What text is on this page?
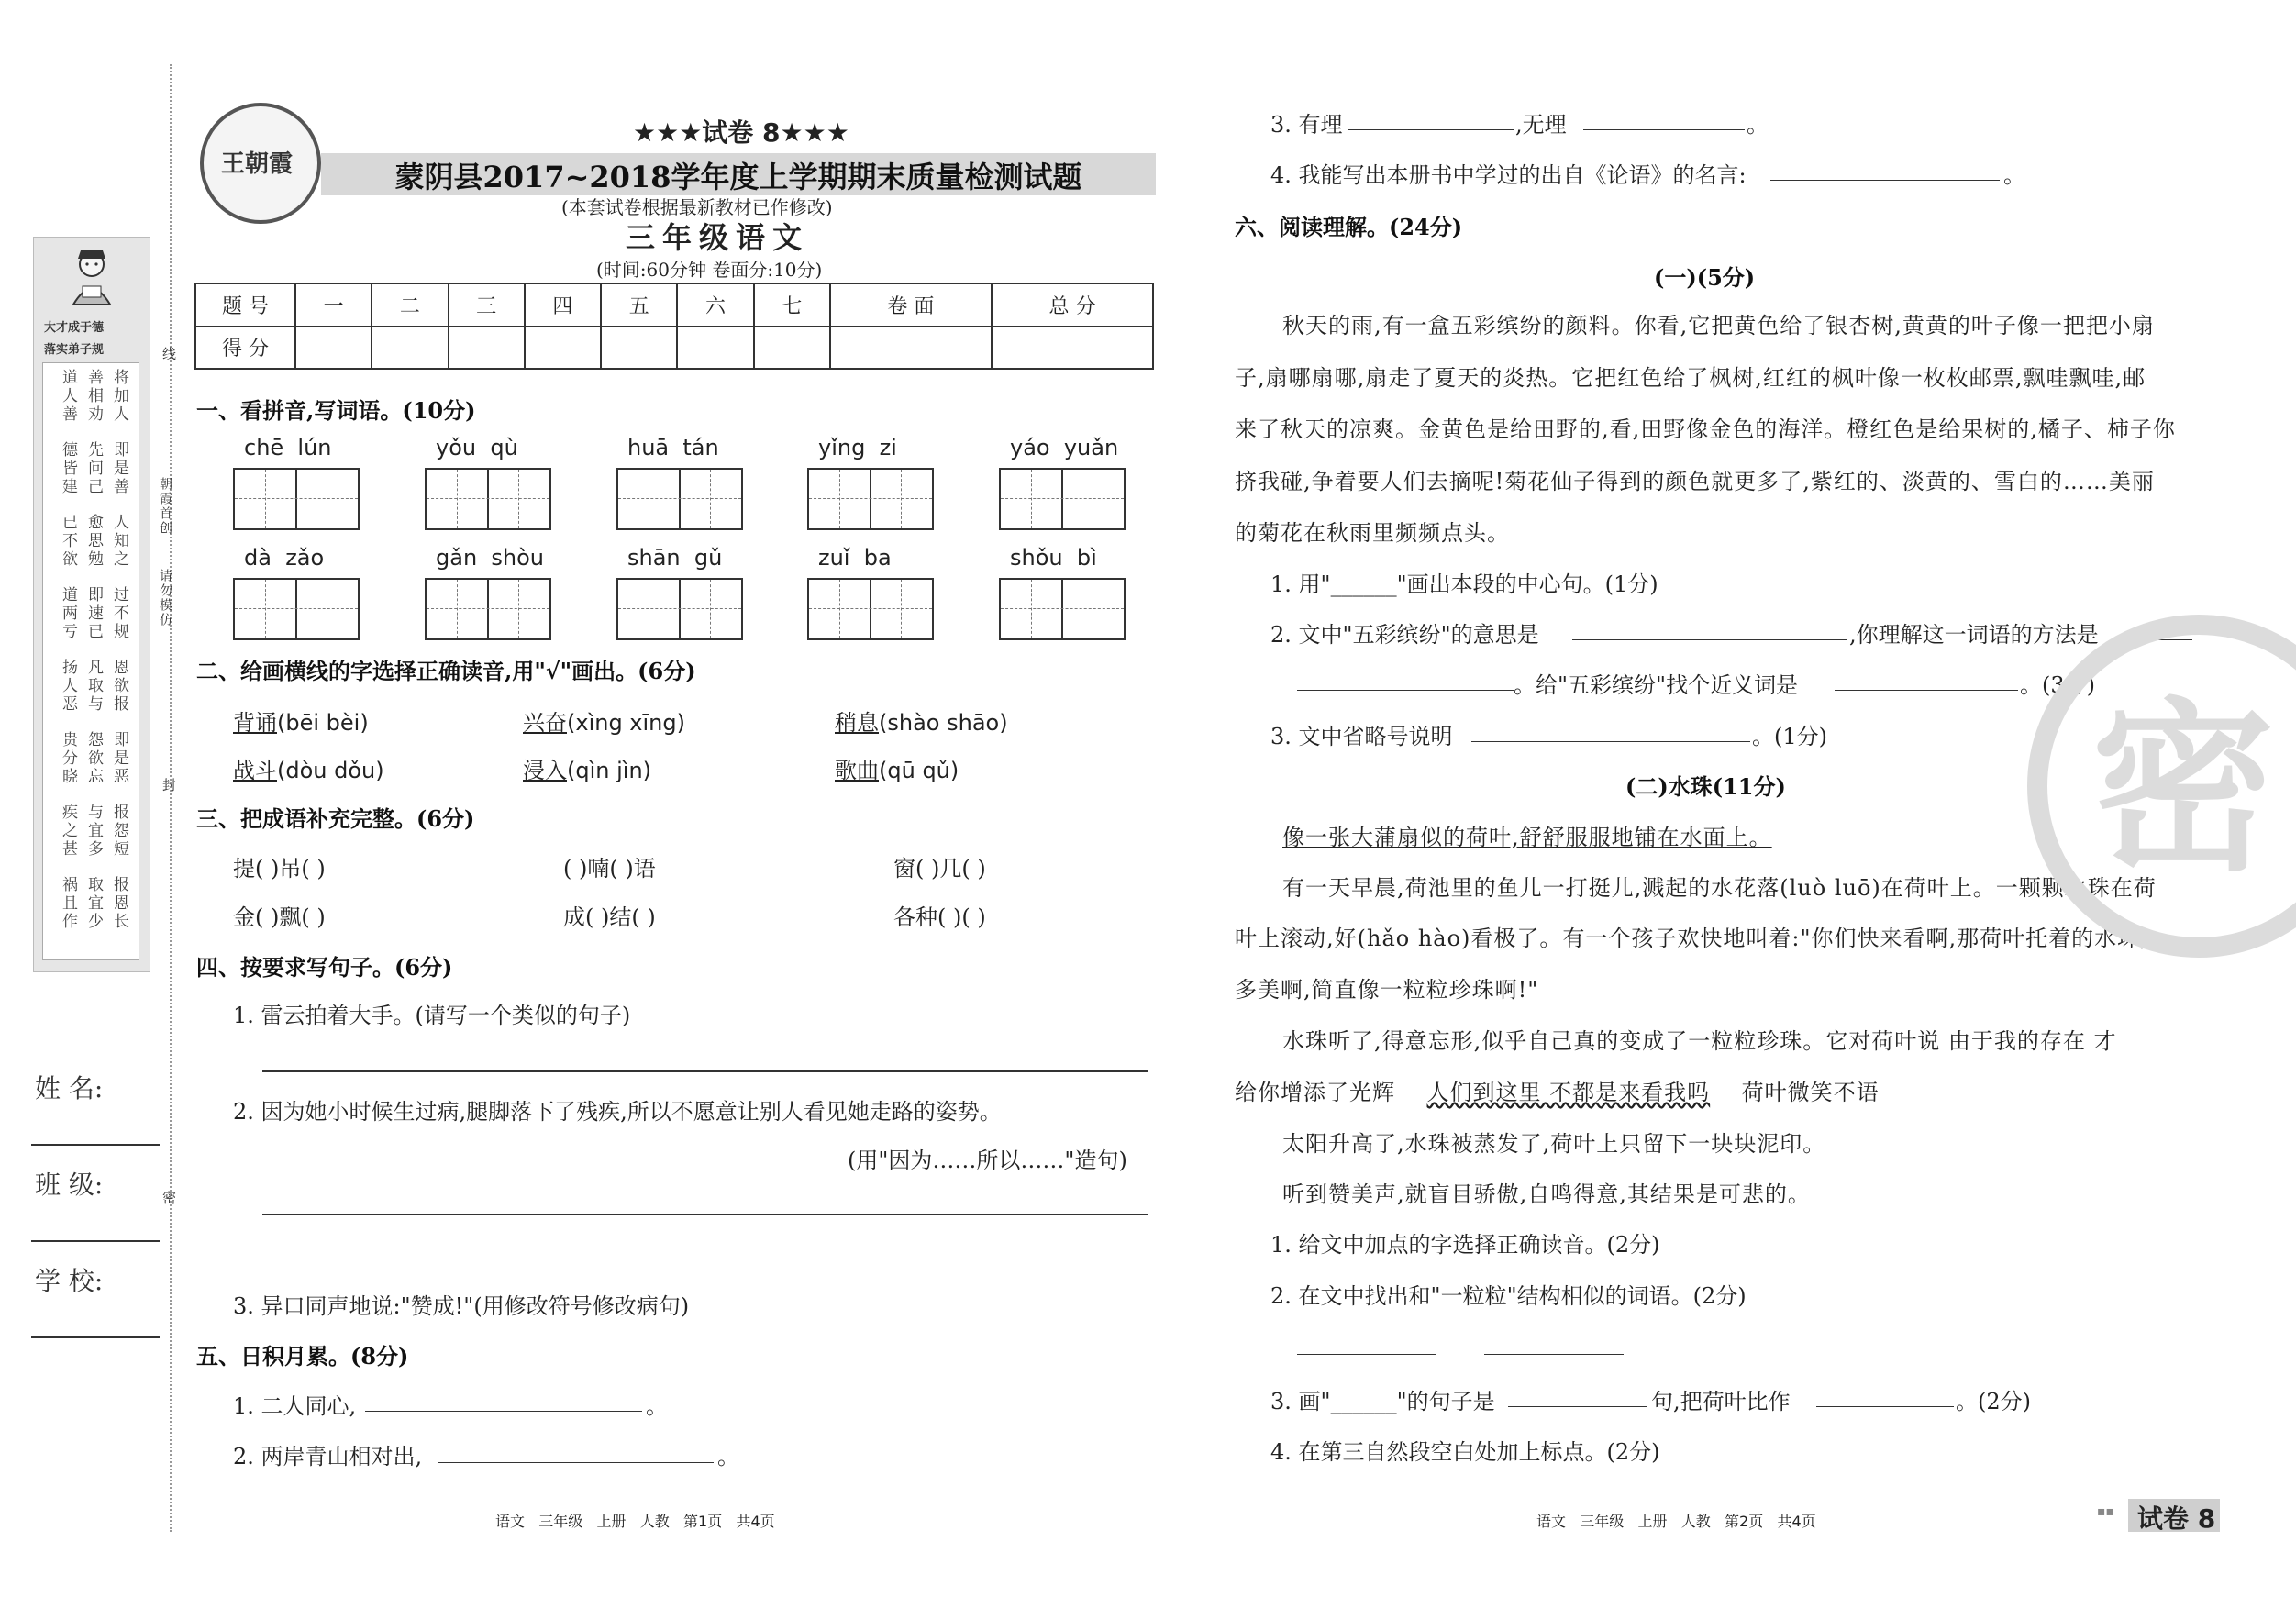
线
封
密
朝霞首创
请勿模仿
大才成于德
落实弟子规
将加人
善相劝
道人善
即是善
先问己
德皆建
人知之
愈思勉
已不欲
过不规
即速已
道两亏
恩欲报
凡取与
扬人恶
即是恶
怨欲忘
贵分晓
报怨短
与宜多
疾之甚
报恩长
取宜少
祸且作
姓 名:
班 级:
学 校:
王朝霞
★★★试卷 8★★★
蒙阴县2017~2018学年度上学期期末质量检测试题
(本套试卷根据最新教材已作修改)
三年级语文
(时间:60分钟 卷面分:10分)
题 号	一	二	三	四	五	六	七	卷 面	总 分
得 分									
一、看拼音,写词语。(10分)
chē  lún	yǒu  qù	huā  tán	yǐng  zi	yáo  yuǎn
dà  zǎo	gǎn  shòu	shān  gǔ	zuǐ  ba	shǒu  bì
二、给画横线的字选择正确读音,用"√"画出。(6分)
背诵(bēi bèi)	兴奋(xìng xīng)	稍息(shào shāo)
战斗(dòu dǒu)	浸入(qìn jìn)	歌曲(qū qǔ)
三、把成语补充完整。(6分)
提( )吊( )	( )喃( )语	窗( )几( )
金( )飘( )	成( )结( )	各种( )( )
四、按要求写句子。(6分)
1. 雷云拍着大手。(请写一个类似的句子)
2. 因为她小时候生过病,腿脚落下了残疾,所以不愿意让别人看见她走路的姿势。
(用"因为……所以……"造句)
3. 异口同声地说:"赞成!"(用修改符号修改病句)
五、日积月累。(8分)
1. 二人同心,	。
2. 两岸青山相对出,	。
语文   三年级   上册   人教   第1页   共4页
3. 有理	,无理	。
4. 我能写出本册书中学过的出自《论语》的名言:	。
六、阅读理解。(24分)
(一)(5分)
秋天的雨,有一盒五彩缤纷的颜料。你看,它把黄色给了银杏树,黄黄的叶子像一把把小扇
子,扇哪扇哪,扇走了夏天的炎热。它把红色给了枫树,红红的枫叶像一枚枚邮票,飘哇飘哇,邮
来了秋天的凉爽。金黄色是给田野的,看,田野像金色的海洋。橙红色是给果树的,橘子、柿子你
挤我碰,争着要人们去摘呢!菊花仙子得到的颜色就更多了,紫红的、淡黄的、雪白的……美丽
的菊花在秋雨里频频点头。
1. 用"______"画出本段的中心句。(1分)
2. 文中"五彩缤纷"的意思是	,你理解这一词语的方法是
。给"五彩缤纷"找个近义词是	。(3分)
3. 文中省略号说明	。(1分)
(二)水珠(11分)
像一张大蒲扇似的荷叶,舒舒服服地铺在水面上。
有一天早晨,荷池里的鱼儿一打挺儿,溅起的水花落(luò luō)在荷叶上。一颗颗水珠在荷
叶上滚动,好(hǎo hào)看极了。有一个孩子欢快地叫着:"你们快来看啊,那荷叶托着的水珠,
多美啊,简直像一粒粒珍珠啊!"
水珠听了,得意忘形,似乎自己真的变成了一粒粒珍珠。它对荷叶说 由于我的存在 才
给你增添了光辉 人们到这里 不都是来看我吗 荷叶微笑不语
太阳升高了,水珠被蒸发了,荷叶上只留下一块块泥印。
听到赞美声,就盲目骄傲,自鸣得意,其结果是可悲的。
1. 给文中加点的字选择正确读音。(2分)
2. 在文中找出和"一粒粒"结构相似的词语。(2分)
3. 画"______"的句子是	句,把荷叶比作	。(2分)
4. 在第三自然段空白处加上标点。(2分)
语文   三年级   上册   人教   第2页   共4页
密
▪▪ 试卷 8
